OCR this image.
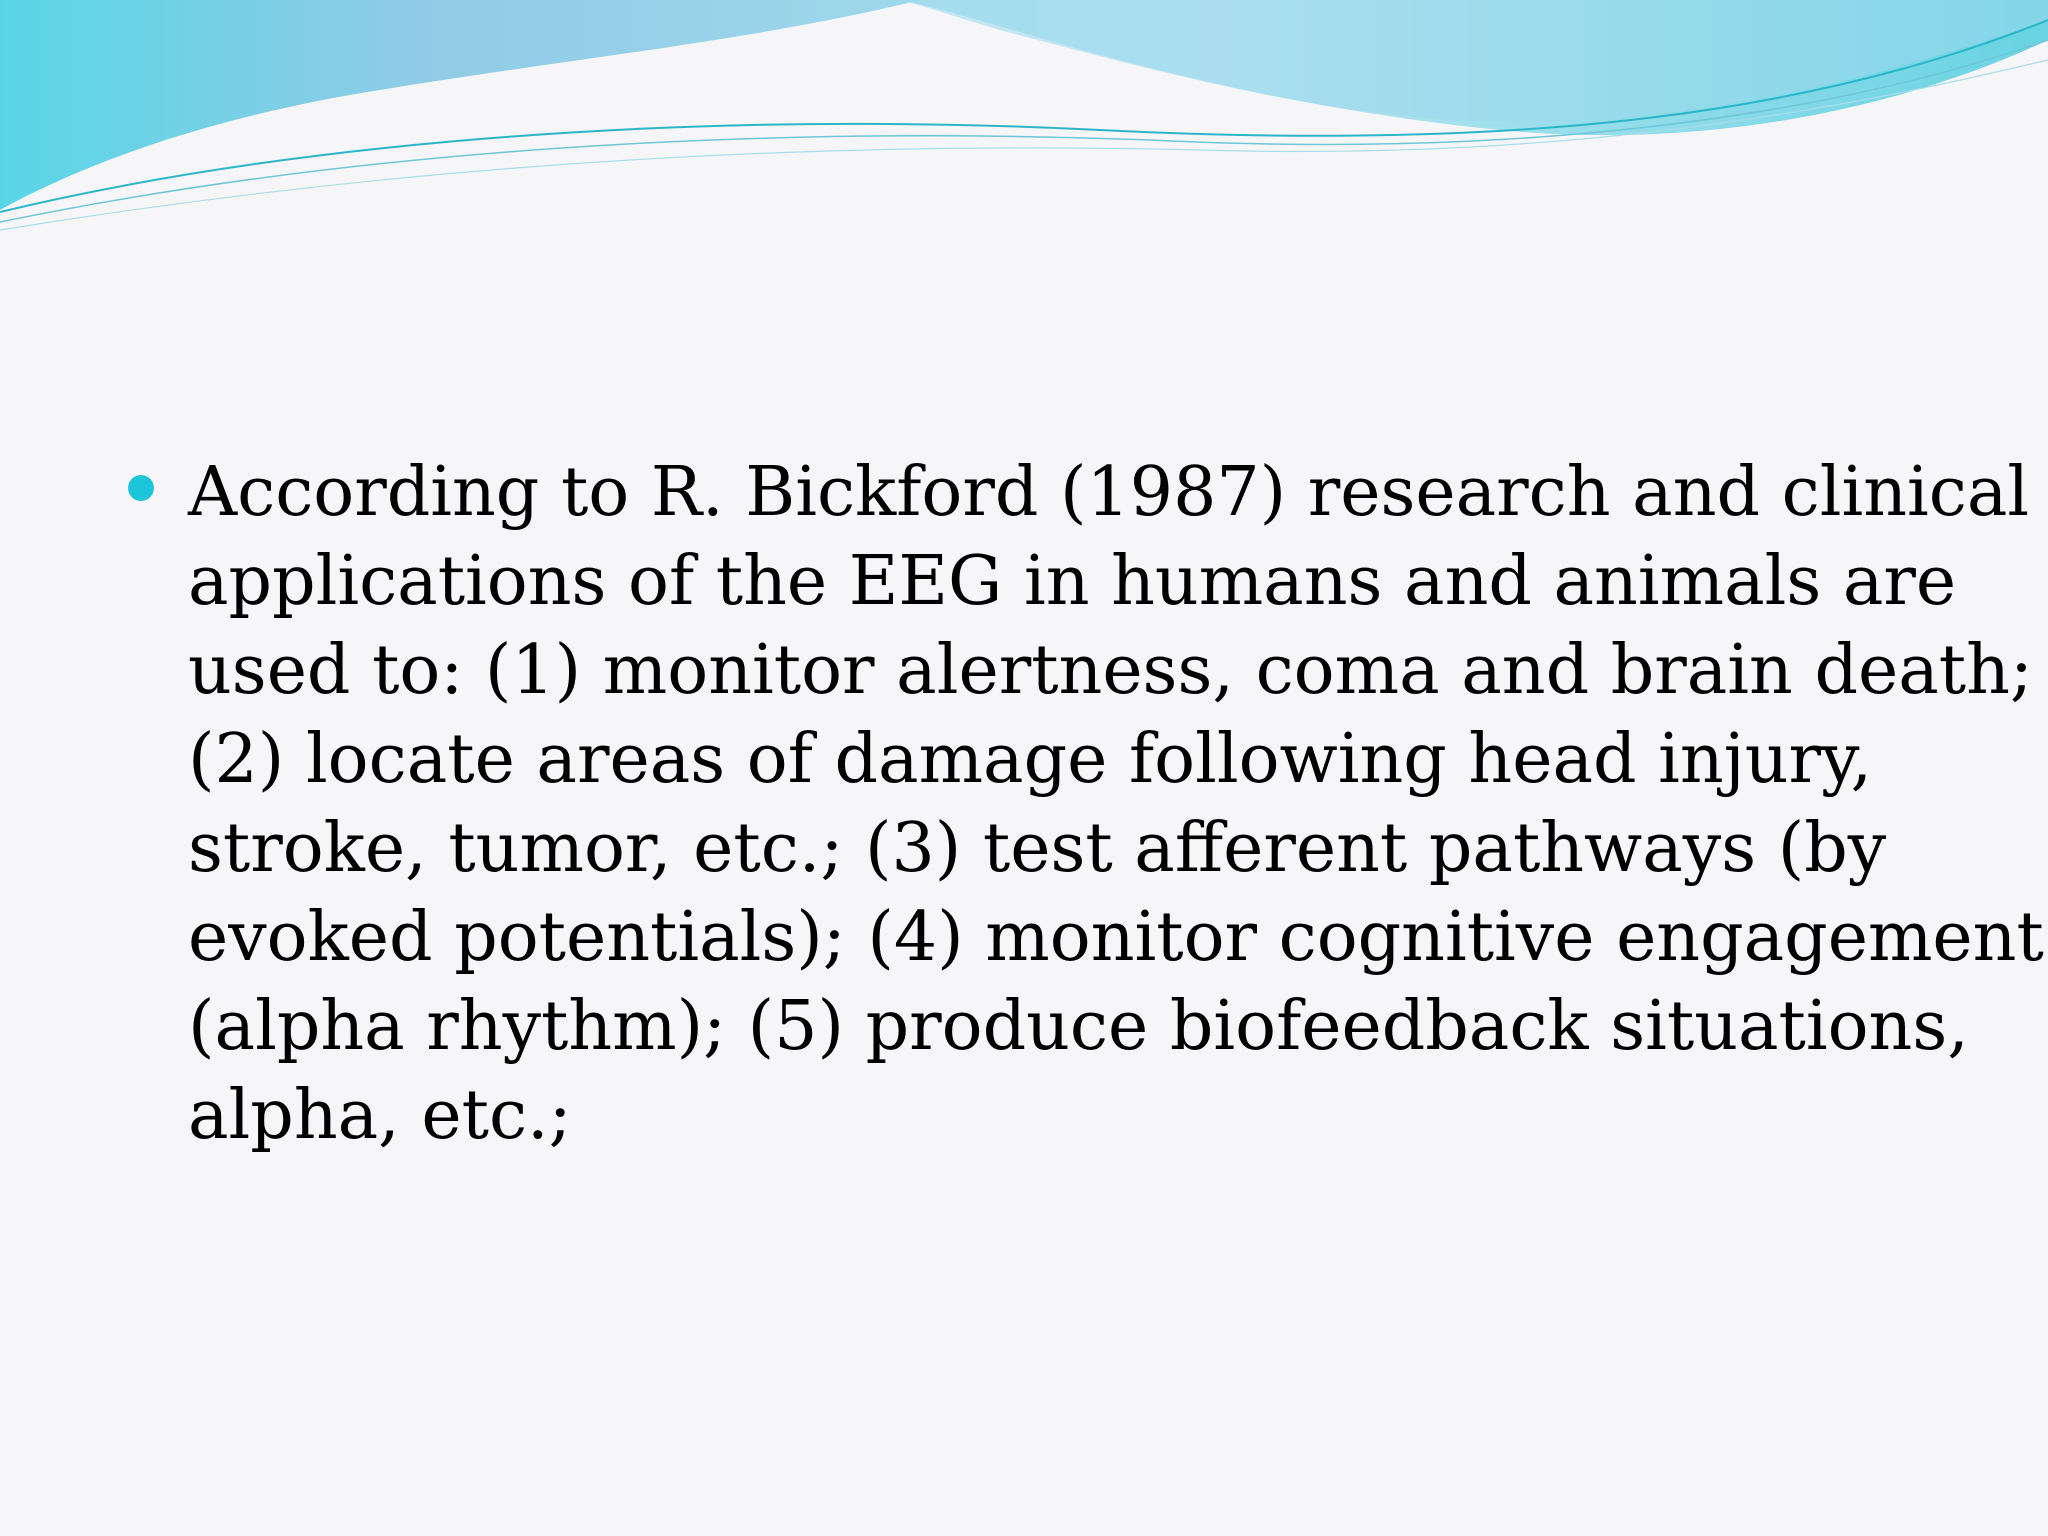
According to R. Bickford (1987) research and clinical
applications of the EEG in humans and animals are
used to: (1) monitor alertness, coma and brain death;
(2) locate areas of damage following head injury,
stroke, tumor, etc.; (3) test afferent pathways (by
evoked potentials); (4) monitor cognitive engagement
(alpha rhythm); (5) produce biofeedback situations,
alpha, etc.;
